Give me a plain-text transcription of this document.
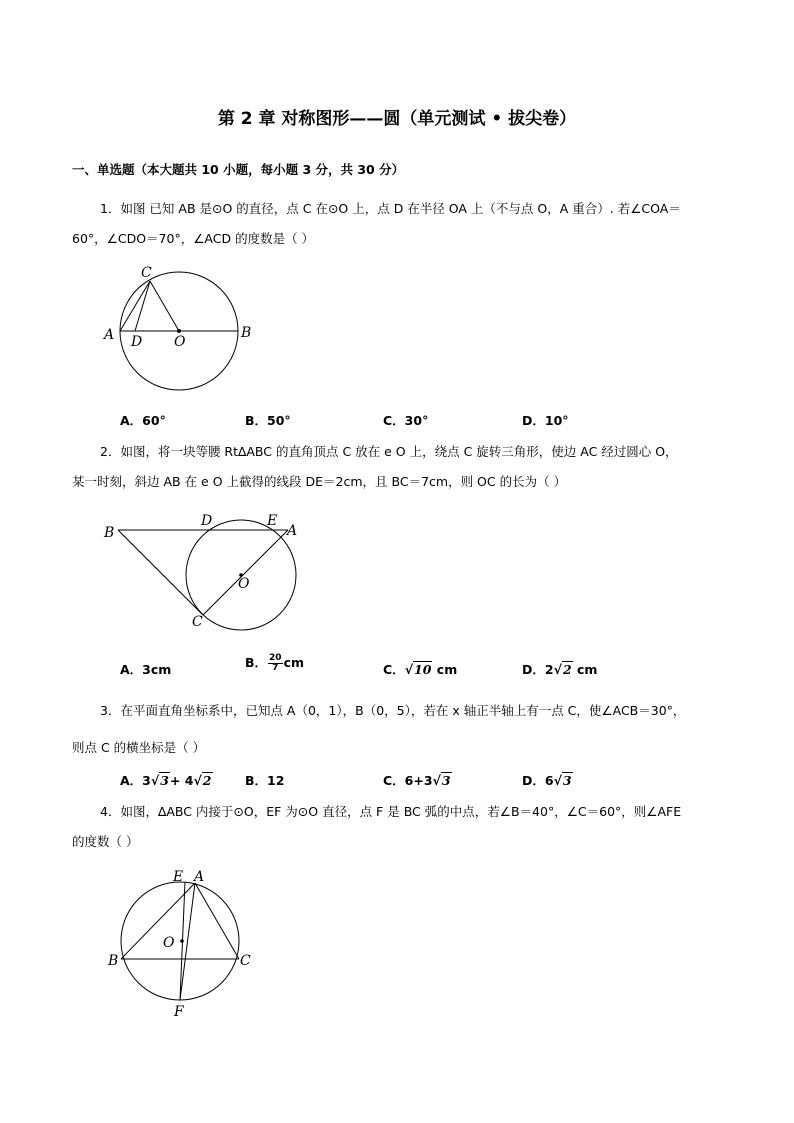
第 2 章 对称图形——圆（单元测试 • 拔尖卷）
一、单选题（本大题共 10 小题，每小题 3 分，共 30 分）
1．如图 已知 AB 是⊙O 的直径，点 C 在⊙O 上，点 D 在半径 OA 上（不与点 O，A 重合）. 若∠COA＝
60°，∠CDO＝70°，∠ACD 的度数是（ ）
C
A D O
B
A．60°	B．50°	C．30°	D．10°
2．如图，将一块等腰 Rt∆ABC 的直角顶点 C 放在 e O 上，绕点 C 旋转三角形，使边 AC 经过圆心 O，
某一时刻，斜边 AB 在 e O 上截得的线段 DE＝2cm，且 BC＝7cm，则 OC 的长为（ ）
B
D	E
A
O
C
A．3cm	B． $\frac{20}{7}$ cm	C．√10 cm	D．2√2 cm
3．在平面直角坐标系中，已知点 A（0，1），B（0，5），若在 x 轴正半轴上有一点 C，使∠ACB＝30°，
则点 C 的横坐标是（ ）
A．3√3+ 4√2	B．12	C．6+3√3	D．6√3
4．如图，∆ABC 内接于⊙O，EF 为⊙O 直径，点 F 是 BC 弧的中点，若∠B＝40°，∠C＝60°，则∠AFE
的度数（ ）
E A
O
B	C
F
